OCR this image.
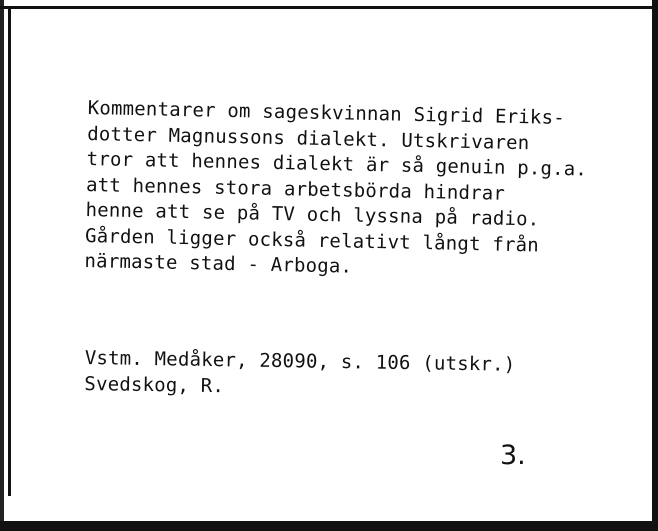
Kommentarer om sageskvinnan Sigrid Eriks-
dotter Magnussons dialekt. Utskrivaren
tror att hennes dialekt är så genuin p.g.a.
att hennes stora arbetsbörda hindrar
henne att se på TV och lyssna på radio.
Gården ligger också relativt långt från
närmaste stad - Arboga.
Vstm. Medåker, 28090, s. 106 (utskr.)
Svedskog, R.
3.
